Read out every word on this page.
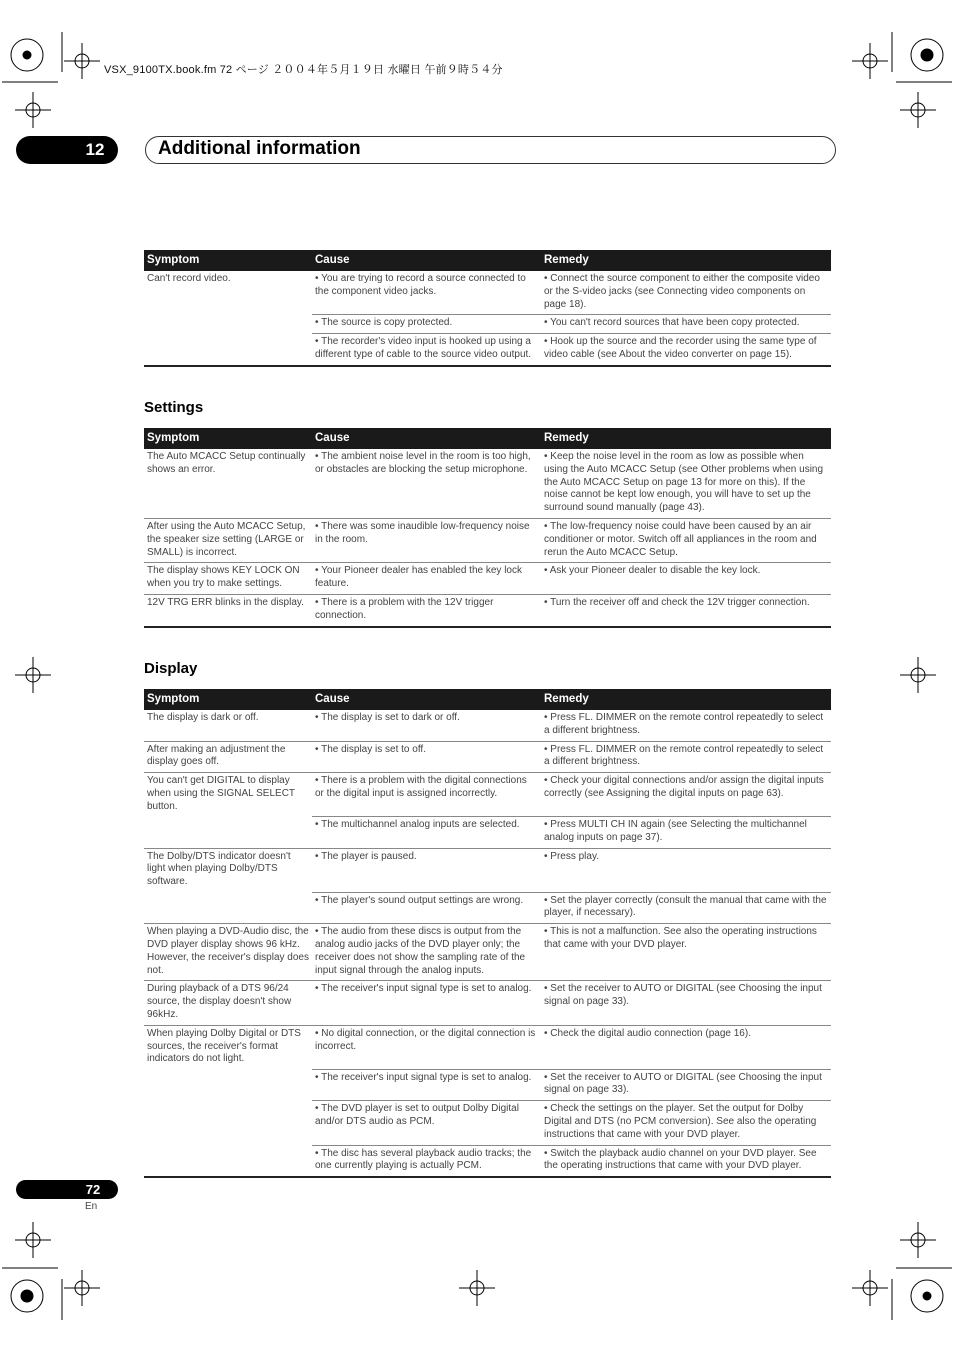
VSX_9100TX.book.fm 72 ページ ２００４年５月１９日 水曜日 午前９時５４分
12	Additional information
Symptom	Cause	Remedy
Can't record video.	• You are trying to record a source connected to the component video jacks.	• Connect the source component to either the composite video or the S-video jacks (see Connecting video components on page 18).
	• The source is copy protected.	• You can't record sources that have been copy protected.
	• The recorder's video input is hooked up using a different type of cable to the source video output.	• Hook up the source and the recorder using the same type of video cable (see About the video converter on page 15).
Settings
Symptom	Cause	Remedy
The Auto MCACC Setup continually shows an error.	• The ambient noise level in the room is too high, or obstacles are blocking the setup microphone.	• Keep the noise level in the room as low as possible when using the Auto MCACC Setup (see Other problems when using the Auto MCACC Setup on page 13 for more on this). If the noise cannot be kept low enough, you will have to set up the surround sound manually (page 43).
After using the Auto MCACC Setup, the speaker size setting (LARGE or SMALL) is incorrect.	• There was some inaudible low-frequency noise in the room.	• The low-frequency noise could have been caused by an air conditioner or motor. Switch off all appliances in the room and rerun the Auto MCACC Setup.
The display shows KEY LOCK ON when you try to make settings.	• Your Pioneer dealer has enabled the key lock feature.	• Ask your Pioneer dealer to disable the key lock.
12V TRG ERR blinks in the display.	• There is a problem with the 12V trigger connection.	• Turn the receiver off and check the 12V trigger connection.
Display
Symptom	Cause	Remedy
The display is dark or off.	• The display is set to dark or off.	• Press FL. DIMMER on the remote control repeatedly to select a different brightness.
After making an adjustment the display goes off.	• The display is set to off.	• Press FL. DIMMER on the remote control repeatedly to select a different brightness.
You can't get DIGITAL to display when using the SIGNAL SELECT button.	• There is a problem with the digital connections or the digital input is assigned incorrectly.	• Check your digital connections and/or assign the digital inputs correctly (see Assigning the digital inputs on page 63).
	• The multichannel analog inputs are selected.	• Press MULTI CH IN again (see Selecting the multichannel analog inputs on page 37).
The Dolby/DTS indicator doesn't light when playing Dolby/DTS software.	• The player is paused.	• Press play.
	• The player's sound output settings are wrong.	• Set the player correctly (consult the manual that came with the player, if necessary).
When playing a DVD-Audio disc, the DVD player display shows 96 kHz. However, the receiver's display does not.	• The audio from these discs is output from the analog audio jacks of the DVD player only; the receiver does not show the sampling rate of the input signal through the analog inputs.	• This is not a malfunction. See also the operating instructions that came with your DVD player.
During playback of a DTS 96/24 source, the display doesn't show 96kHz.	• The receiver's input signal type is set to analog.	• Set the receiver to AUTO or DIGITAL (see Choosing the input signal on page 33).
When playing Dolby Digital or DTS sources, the receiver's format indicators do not light.	• No digital connection, or the digital connection is incorrect.	• Check the digital audio connection (page 16).
	• The receiver's input signal type is set to analog.	• Set the receiver to AUTO or DIGITAL (see Choosing the input signal on page 33).
	• The DVD player is set to output Dolby Digital and/or DTS audio as PCM.	• Check the settings on the player. Set the output for Dolby Digital and DTS (no PCM conversion). See also the operating instructions that came with your DVD player.
	• The disc has several playback audio tracks; the one currently playing is actually PCM.	• Switch the playback audio channel on your DVD player. See the operating instructions that came with your DVD player.
72
En
